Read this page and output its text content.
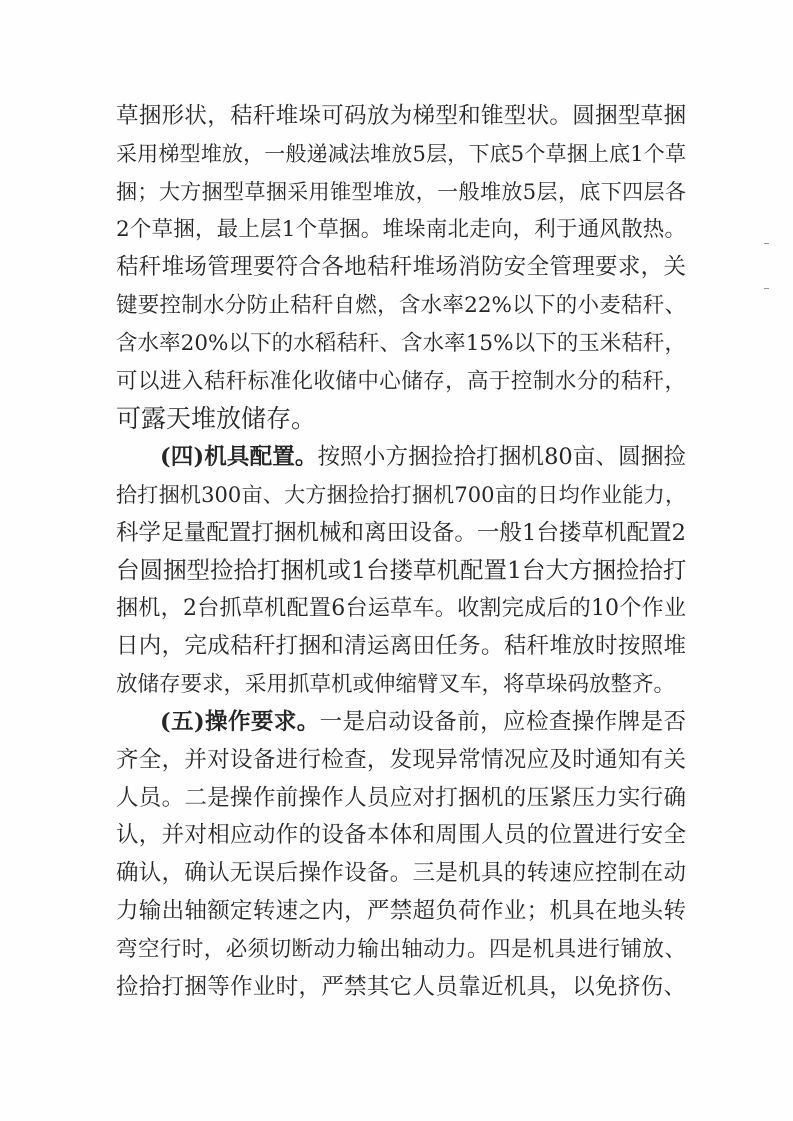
草捆形状，秸秆堆垛可码放为梯型和锥型状。圆捆型草捆
采用梯型堆放，一般递减法堆放5层，下底5个草捆上底1个草
捆；大方捆型草捆采用锥型堆放，一般堆放5层，底下四层各
2个草捆，最上层1个草捆。堆垛南北走向，利于通风散热。
秸秆堆场管理要符合各地秸秆堆场消防安全管理要求，关
键要控制水分防止秸秆自燃，含水率22%以下的小麦秸秆、
含水率20%以下的水稻秸秆、含水率15%以下的玉米秸秆，
可以进入秸秆标准化收储中心储存，高于控制水分的秸秆，
可露天堆放储存。
(四)机具配置。按照小方捆捡拾打捆机80亩、圆捆捡
拾打捆机300亩、大方捆捡拾打捆机700亩的日均作业能力，
科学足量配置打捆机械和离田设备。一般1台搂草机配置2
台圆捆型捡拾打捆机或1台搂草机配置1台大方捆捡拾打
捆机，2台抓草机配置6台运草车。收割完成后的10个作业
日内，完成秸秆打捆和清运离田任务。秸秆堆放时按照堆
放储存要求，采用抓草机或伸缩臂叉车，将草垛码放整齐。
(五)操作要求。一是启动设备前，应检查操作牌是否
齐全，并对设备进行检查，发现异常情况应及时通知有关
人员。二是操作前操作人员应对打捆机的压紧压力实行确
认，并对相应动作的设备本体和周围人员的位置进行安全
确认，确认无误后操作设备。三是机具的转速应控制在动
力输出轴额定转速之内，严禁超负荷作业；机具在地头转
弯空行时，必须切断动力输出轴动力。四是机具进行铺放、
捡拾打捆等作业时，严禁其它人员靠近机具，以免挤伤、
